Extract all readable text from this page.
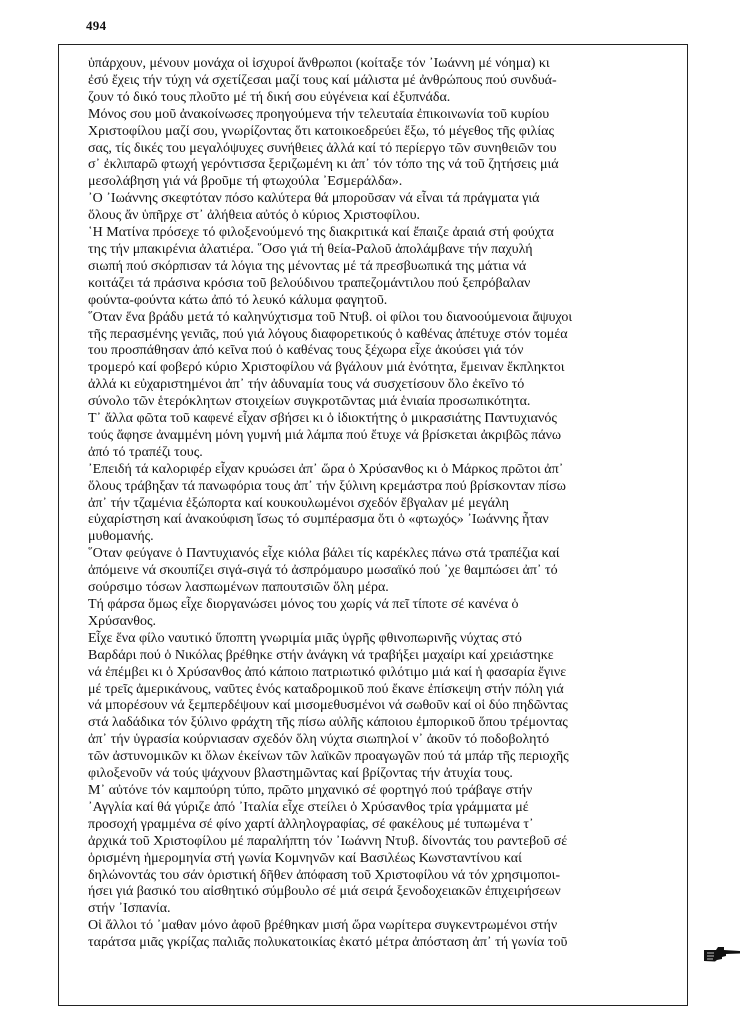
494

ὑπάρχουν, μένουν μονάχα οἱ ἰσχυροί ἄνθρωποι (κοίταξε τόν ᾿Ιωάννη μέ νόημα) κι
ἐσύ ἔχεις τήν τύχη νά σχετίζεσαι μαζί τους καί μάλιστα μέ ἀνθρώπους πού συνδυά-
ζουν τό δικό τους πλοῦτο μέ τή δική σου εὐγένεια καί ἐξυπνάδα.

Μόνος σου μοῦ ἀνακοίνωσες προηγούμενα τήν τελευταία ἐπικοινωνία τοῦ κυρίου
Χριστοφίλου μαζί σου, γνωρίζοντας ὅτι κατοικοεδρεύει ἔξω, τό μέγεθος τῆς φιλίας
σας, τίς δικές του μεγαλόψυχες συνήθειες ἀλλά καί τό περίεργο τῶν συνηθειῶν του
σ᾿ ἐκλιπαρῶ φτωχή γερόντισσα ξεριζωμένη κι ἀπ᾿ τόν τόπο της νά τοῦ ζητήσεις μιά
μεσολάβηση γιά νά βροῦμε τή φτωχούλα ᾿Εσμεράλδα».

᾿Ο ᾿Ιωάννης σκεφτόταν πόσο καλύτερα θά μποροῦσαν νά εἶναι τά πράγματα γιά
ὅλους ἄν ὑπῆρχε στ᾿ ἀλήθεια αὐτός ὁ κύριος Χριστοφίλου.

῾Η Ματίνα πρόσεχε τό φιλοξενούμενό της διακριτικά καί ἔπαιζε ἀραιά στή φούχτα
της τήν μπακιρένια ἀλατιέρα. ῞Οσο γιά τή θεία-Ραλοῦ ἀπολάμβανε τήν παχυλή
σιωπή πού σκόρπισαν τά λόγια της μένοντας μέ τά πρεσβυωπικά της μάτια νά
κοιτάζει τά πράσινα κρόσια τοῦ βελούδινου τραπεζομάντιλου πού ξεπρόβαλαν
φούντα-φούντα κάτω ἀπό τό λευκό κάλυμα φαγητοῦ.

῞Οταν ἕνα βράδυ μετά τό καληνύχτισμα τοῦ Ντυβ. οἱ φίλοι του διανοούμενοια ἄψυχοι
τῆς περασμένης γενιᾶς, πού γιά λόγους διαφορετικούς ὁ καθένας ἀπέτυχε στόν τομέα
του προσπάθησαν ἀπό κεῖνα πού ὁ καθένας τους ξέχωρα εἶχε ἀκούσει γιά τόν
τρομερό καί φοβερό κύριο Χριστοφίλου νά βγάλουν μιά ἑνότητα, ἔμειναν ἔκπληκτοι
ἀλλά κι εὐχαριστημένοι ἀπ᾿ τήν ἀδυναμία τους νά συσχετίσουν ὅλο ἐκεῖνο τό
σύνολο τῶν ἑτερόκλητων στοιχείων συγκροτῶντας μιά ἑνιαία προσωπικότητα.

Τ᾿ ἄλλα φῶτα τοῦ καφενέ εἶχαν σβήσει κι ὁ ἰδιοκτήτης ὁ μικρασιάτης Παντυχιανός
τούς ἄφησε ἀναμμένη μόνη γυμνή μιά λάμπα πού ἔτυχε νά βρίσκεται ἀκριβῶς πάνω
ἀπό τό τραπέζι τους.

᾿Επειδή τά καλοριφέρ εἶχαν κρυώσει ἀπ᾿ ὥρα ὁ Χρύσανθος κι ὁ Μάρκος πρῶτοι ἀπ᾿
ὅλους τράβηξαν τά πανωφόρια τους ἀπ᾿ τήν ξύλινη κρεμάστρα πού βρίσκονταν πίσω
ἀπ᾿ τήν τζαμένια ἐξώπορτα καί κουκουλωμένοι σχεδόν ἔβγαλαν μέ μεγάλη
εὐχαρίστηση καί ἀνακούφιση ἴσως τό συμπέρασμα ὅτι ὁ «φτωχός» ᾿Ιωάννης ἦταν
μυθομανής.

῞Οταν φεύγανε ὁ Παντυχιανός εἶχε κιόλα βάλει τίς καρέκλες πάνω στά τραπέζια καί
ἀπόμεινε νά σκουπίζει σιγά-σιγά τό ἀσπρόμαυρο μωσαϊκό πού ᾿χε θαμπώσει ἀπ᾿ τό
σούρσιμο τόσων λασπωμένων παπουτσιῶν ὅλη μέρα.

Τή φάρσα ὅμως εἶχε διοργανώσει μόνος του χωρίς νά πεῖ τίποτε σέ κανένα ὁ
Χρύσανθος.

Εἶχε ἕνα φίλο ναυτικό ὕποπτη γνωριμία μιᾶς ὑγρῆς φθινοπωρινῆς νύχτας στό
Βαρδάρι πού ὁ Νικόλας βρέθηκε στήν ἀνάγκη νά τραβήξει μαχαίρι καί χρειάστηκε
νά ἐπέμβει κι ὁ Χρύσανθος ἀπό κάποιο πατριωτικό φιλότιμο μιά καί ἡ φασαρία ἔγινε
μέ τρεῖς ἀμερικάνους, ναῦτες ἑνός καταδρομικοῦ πού ἔκανε ἐπίσκεψη στήν πόλη γιά
νά μπορέσουν νά ξεμπερδέψουν καί μισομεθυσμένοι νά σωθοῦν καί οἱ δύο πηδῶντας
στά λαδάδικα τόν ξύλινο φράχτη τῆς πίσω αὐλῆς κάποιου ἐμπορικοῦ ὅπου τρέμοντας
ἀπ᾿ τήν ὑγρασία κούρνιασαν σχεδόν ὅλη νύχτα σιωπηλοί ν᾿ ἀκοῦν τό ποδοβολητό
τῶν ἀστυνομικῶν κι ὅλων ἐκείνων τῶν λαϊκῶν προαγωγῶν πού τά μπάρ τῆς περιοχῆς
φιλοξενοῦν νά τούς ψάχνουν βλαστημῶντας καί βρίζοντας τήν ἀτυχία τους.

Μ᾿ αὐτόνε τόν καμπούρη τύπο, πρῶτο μηχανικό σέ φορτηγό πού τράβαγε στήν
᾿Αγγλία καί θά γύριζε ἀπό ᾿Ιταλία εἶχε στείλει ὁ Χρύσανθος τρία γράμματα μέ
προσοχή γραμμένα σέ φίνο χαρτί ἀλληλογραφίας, σέ φακέλους μέ τυπωμένα τ᾿
ἀρχικά τοῦ Χριστοφίλου μέ παραλήπτη τόν ᾿Ιωάννη Ντυβ. δίνοντάς του ραντεβοῦ σέ
ὁρισμένη ἡμερομηνία στή γωνία Κομνηνῶν καί Βασιλέως Κωνσταντίνου καί
δηλώνοντάς του σάν ὁριστική δῆθεν ἀπόφαση τοῦ Χριστοφίλου νά τόν χρησιμοποι-
ήσει γιά βασικό του αἰσθητικό σύμβουλο σέ μιά σειρά ξενοδοχειακῶν ἐπιχειρήσεων
στήν ᾿Ισπανία.

Οἱ ἄλλοι τό ᾿μαθαν μόνο ἀφοῦ βρέθηκαν μισή ὥρα νωρίτερα συγκεντρωμένοι στήν
ταράτσα μιᾶς γκρίζας παλιᾶς πολυκατοικίας ἑκατό μέτρα ἀπόσταση ἀπ᾿ τή γωνία τοῦ
